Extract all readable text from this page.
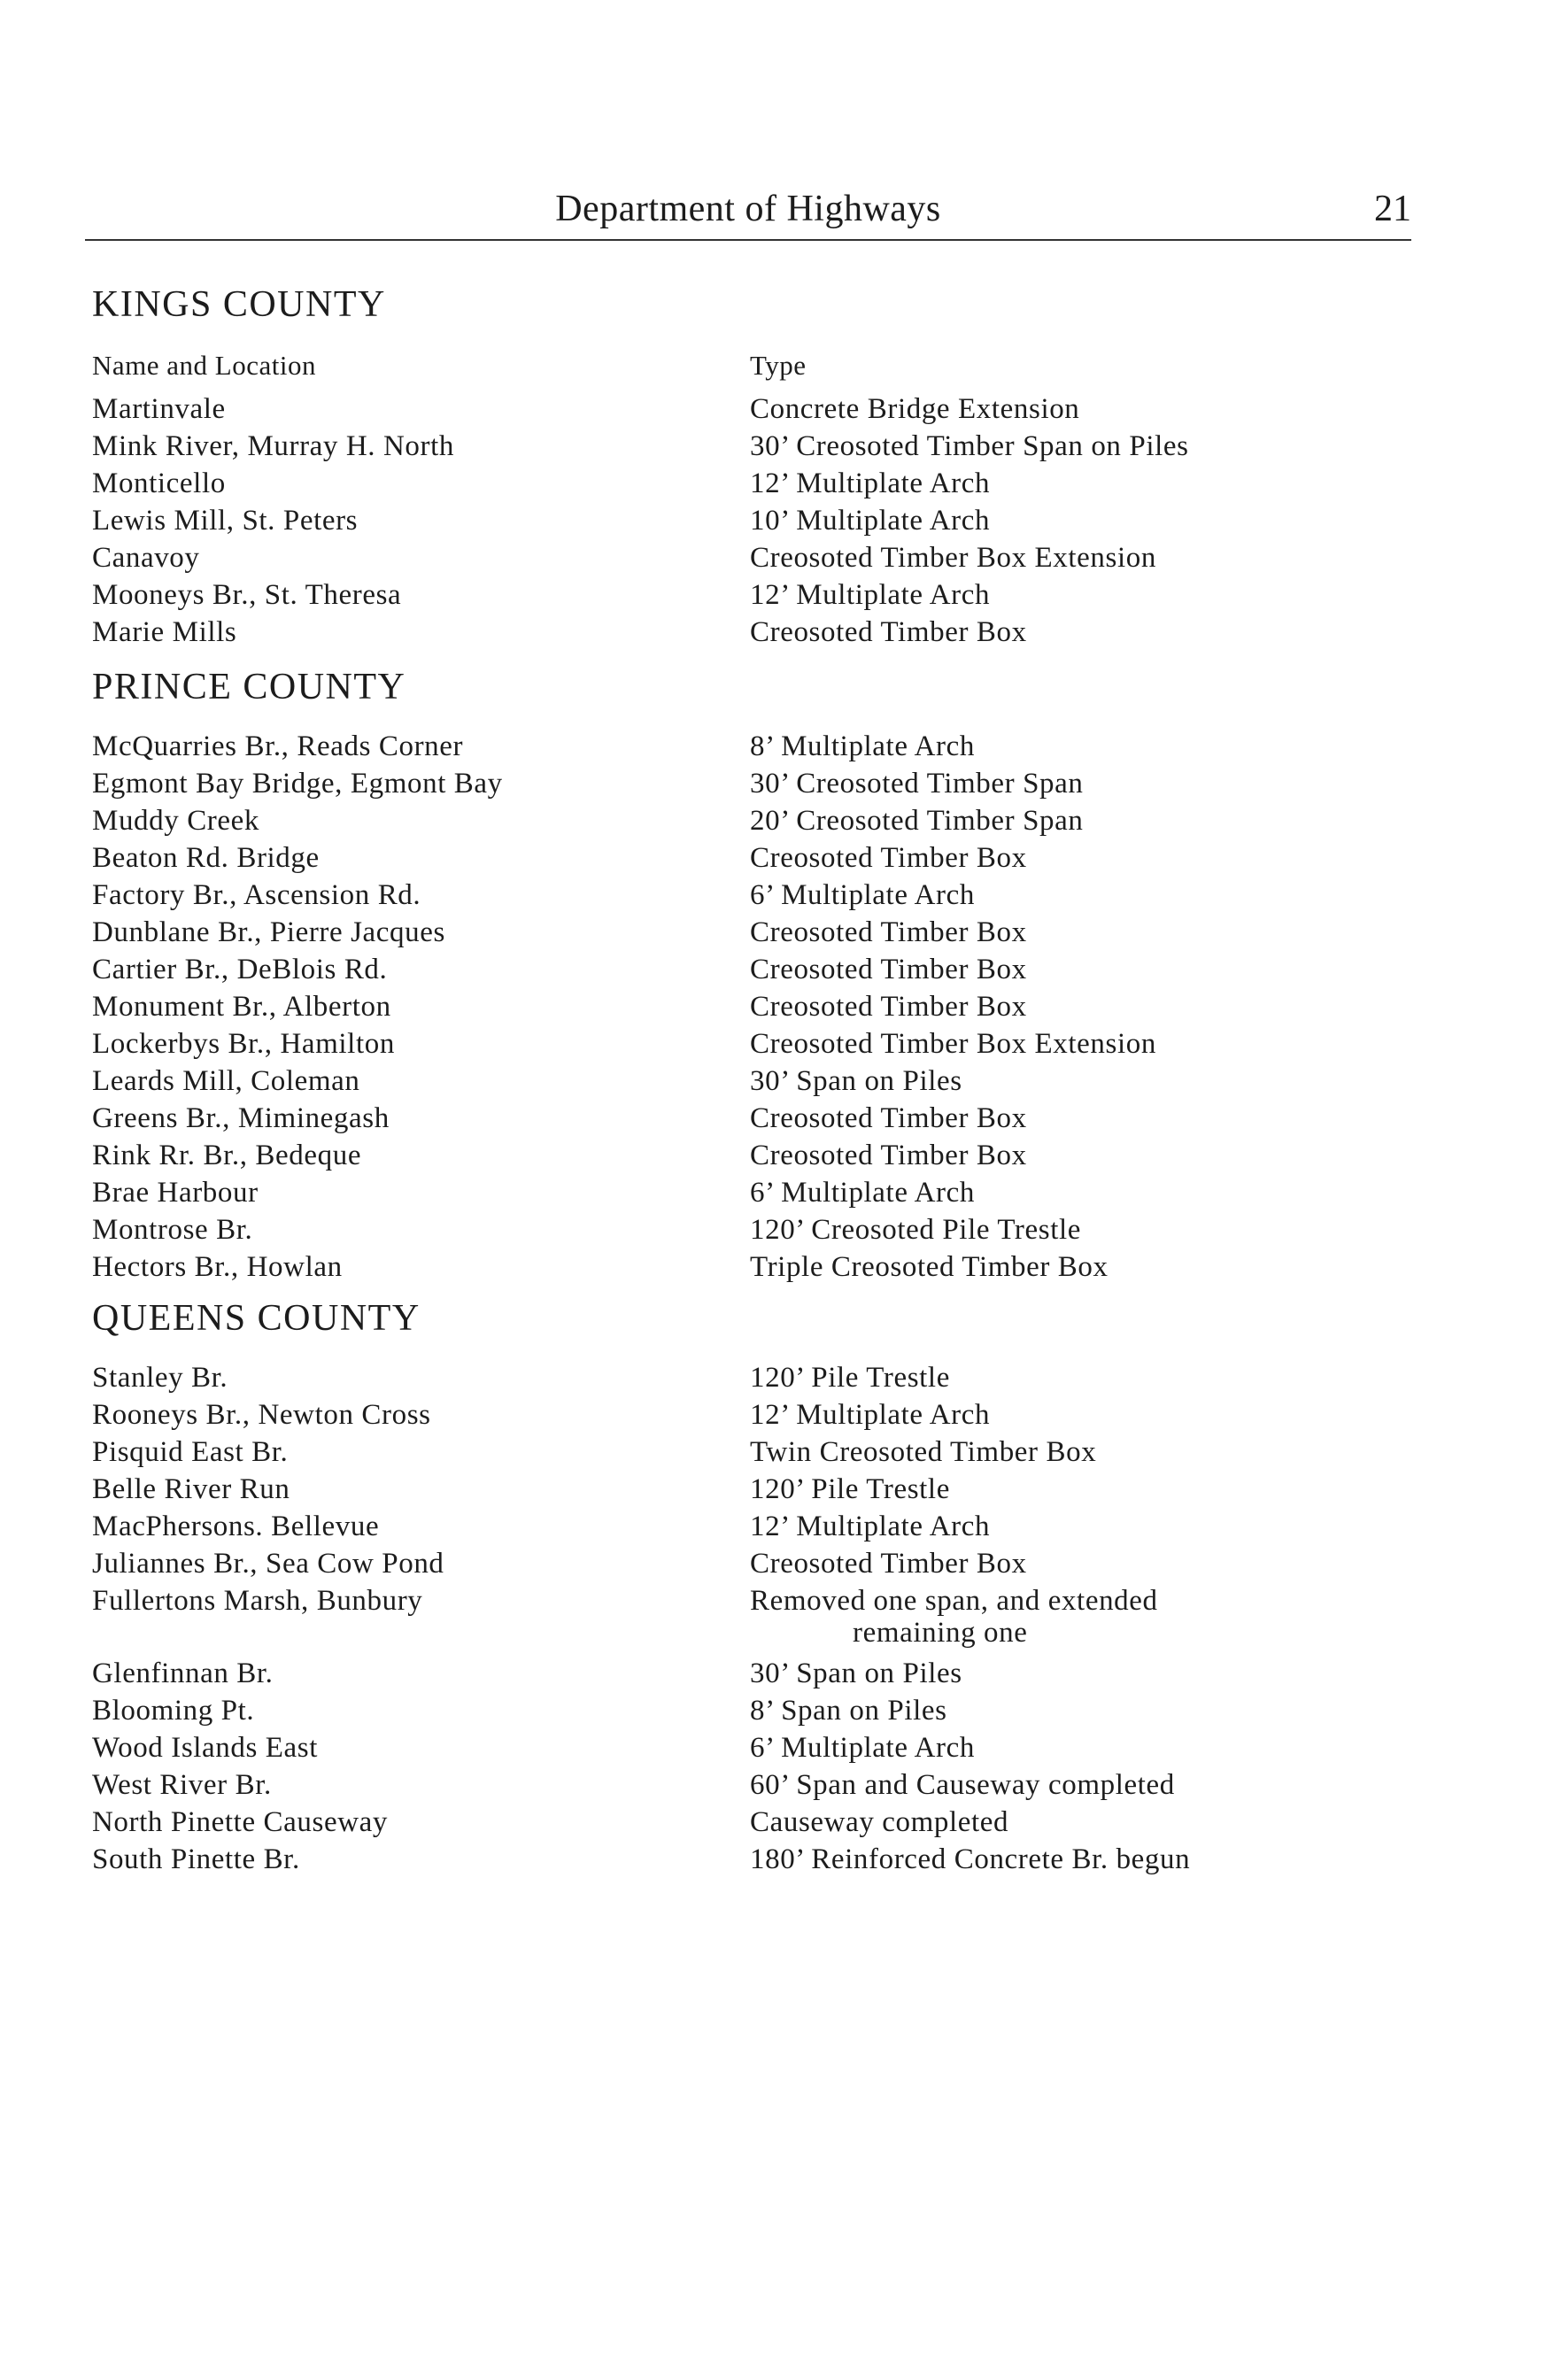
Department of Highways	21
KINGS COUNTY
Name and Location	Type
Martinvale	Concrete Bridge Extension
Mink River, Murray H. North	30’ Creosoted Timber Span on Piles
Monticello	12’ Multiplate Arch
Lewis Mill, St. Peters	10’ Multiplate Arch
Canavoy	Creosoted Timber Box Extension
Mooneys Br., St. Theresa	12’ Multiplate Arch
Marie Mills	Creosoted Timber Box
PRINCE COUNTY
McQuarries Br., Reads Corner	8’ Multiplate Arch
Egmont Bay Bridge, Egmont Bay	30’ Creosoted Timber Span
Muddy Creek	20’ Creosoted Timber Span
Beaton Rd. Bridge	Creosoted Timber Box
Factory Br., Ascension Rd.	6’ Multiplate Arch
Dunblane Br., Pierre Jacques	Creosoted Timber Box
Cartier Br., DeBlois Rd.	Creosoted Timber Box
Monument Br., Alberton	Creosoted Timber Box
Lockerbys Br., Hamilton	Creosoted Timber Box Extension
Leards Mill, Coleman	30’ Span on Piles
Greens Br., Miminegash	Creosoted Timber Box
Rink Rr. Br., Bedeque	Creosoted Timber Box
Brae Harbour	6’ Multiplate Arch
Montrose Br.	120’ Creosoted Pile Trestle
Hectors Br., Howlan	Triple Creosoted Timber Box
QUEENS COUNTY
Stanley Br.	120’ Pile Trestle
Rooneys Br., Newton Cross	12’ Multiplate Arch
Pisquid East Br.	Twin Creosoted Timber Box
Belle River Run	120’ Pile Trestle
MacPhersons. Bellevue	12’ Multiplate Arch
Juliannes Br., Sea Cow Pond	Creosoted Timber Box
Fullertons Marsh, Bunbury	Removed one span, and extended
remaining one
Glenfinnan Br.	30’ Span on Piles
Blooming Pt.	8’ Span on Piles
Wood Islands East	6’ Multiplate Arch
West River Br.	60’ Span and Causeway completed
North Pinette Causeway	Causeway completed
South Pinette Br.	180’ Reinforced Concrete Br. begun
